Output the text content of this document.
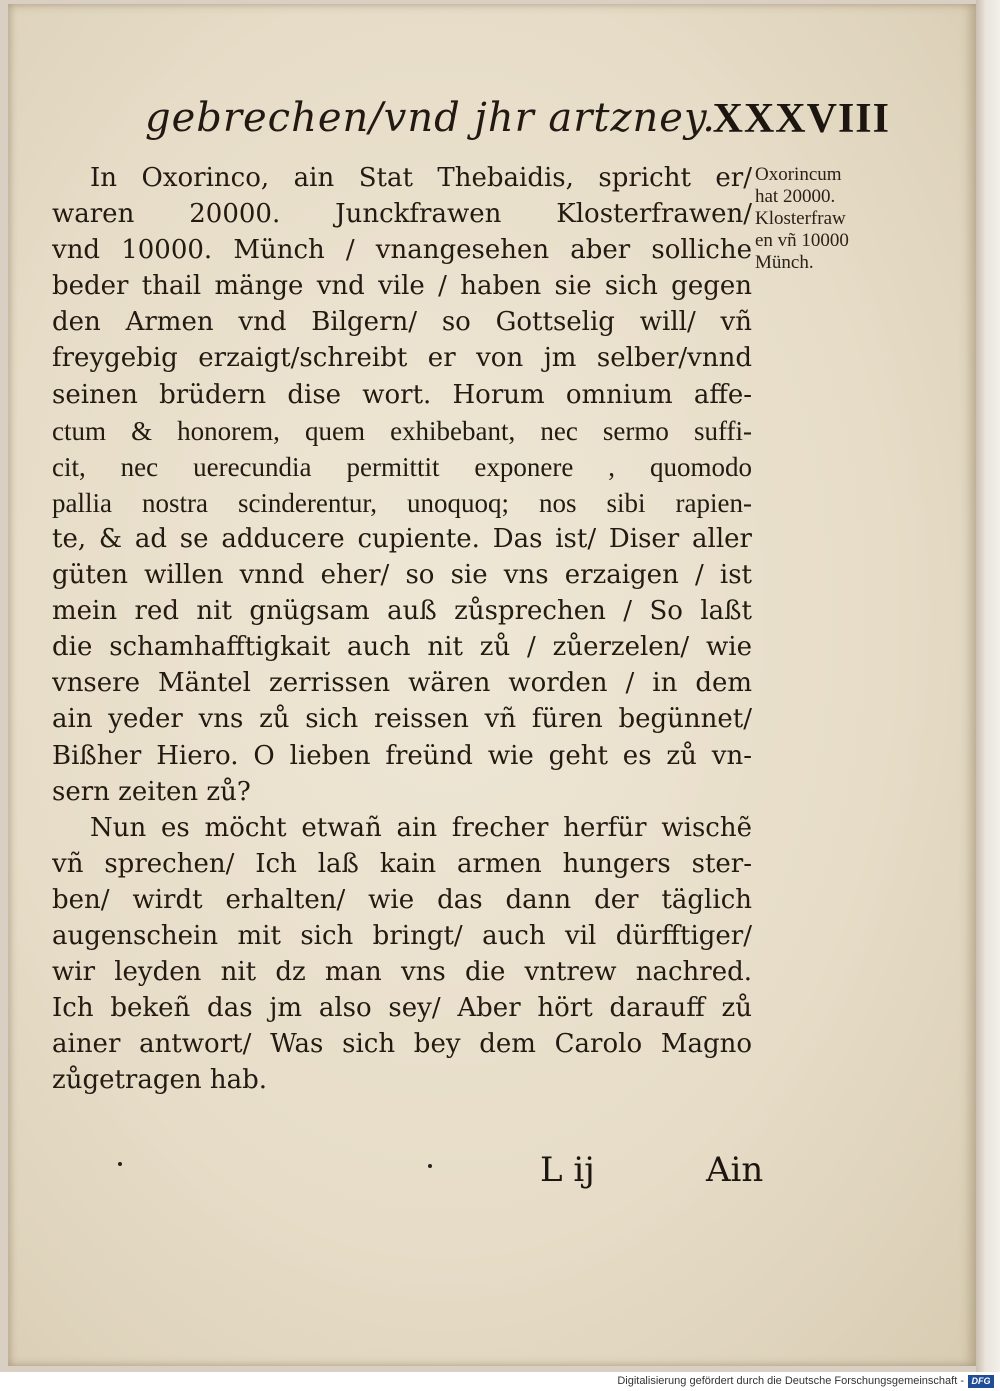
gebrechen/vnd jhr artzney.
XXXVIII
Oxorincum
hat 20000.
Klosterfraw
en vñ 10000
Münch.
In Oxorinco, ain Stat Thebaidis, spricht er/
waren 20000. Junckfrawen Klosterfrawen/
vnd 10000. Münch / vnangesehen aber solliche
beder thail mänge vnd vile / haben sie sich gegen
den Armen vnd Bilgern/ so Gottselig will/ vñ
freygebig erzaigt/schreibt er von jm selber/vnnd
seinen brüdern dise wort. Horum omnium affe-
ctum & honorem, quem exhibebant, nec sermo suffi-
cit, nec uerecundia permittit exponere , quomodo
pallia nostra scinderentur, unoquoq; nos sibi rapien-
te, & ad se adducere cupiente. Das ist/ Diser aller
güten willen vnnd eher/ so sie vns erzaigen / ist
mein red nit gnügsam auß zůsprechen / So laßt
die schamhafftigkait auch nit zů / zůerzelen/ wie
vnsere Mäntel zerrissen wären worden / in dem
ain yeder vns zů sich reissen vñ füren begünnet/
Bißher Hiero. O lieben freünd wie geht es zů vn-
sern zeiten zů?
Nun es möcht etwañ ain frecher herfür wischẽ
vñ sprechen/ Ich laß kain armen hungers ster-
ben/ wirdt erhalten/ wie das dann der täglich
augenschein mit sich bringt/ auch vil dürfftiger/
wir leyden nit dz man vns die vntrew nachred.
Ich bekeñ das jm also sey/ Aber hört darauff zů
ainer antwort/ Was sich bey dem Carolo Magno
zůgetragen hab.
L ij	Ain
Digitalisierung gefördert durch die Deutsche Forschungsgemeinschaft - DFG
